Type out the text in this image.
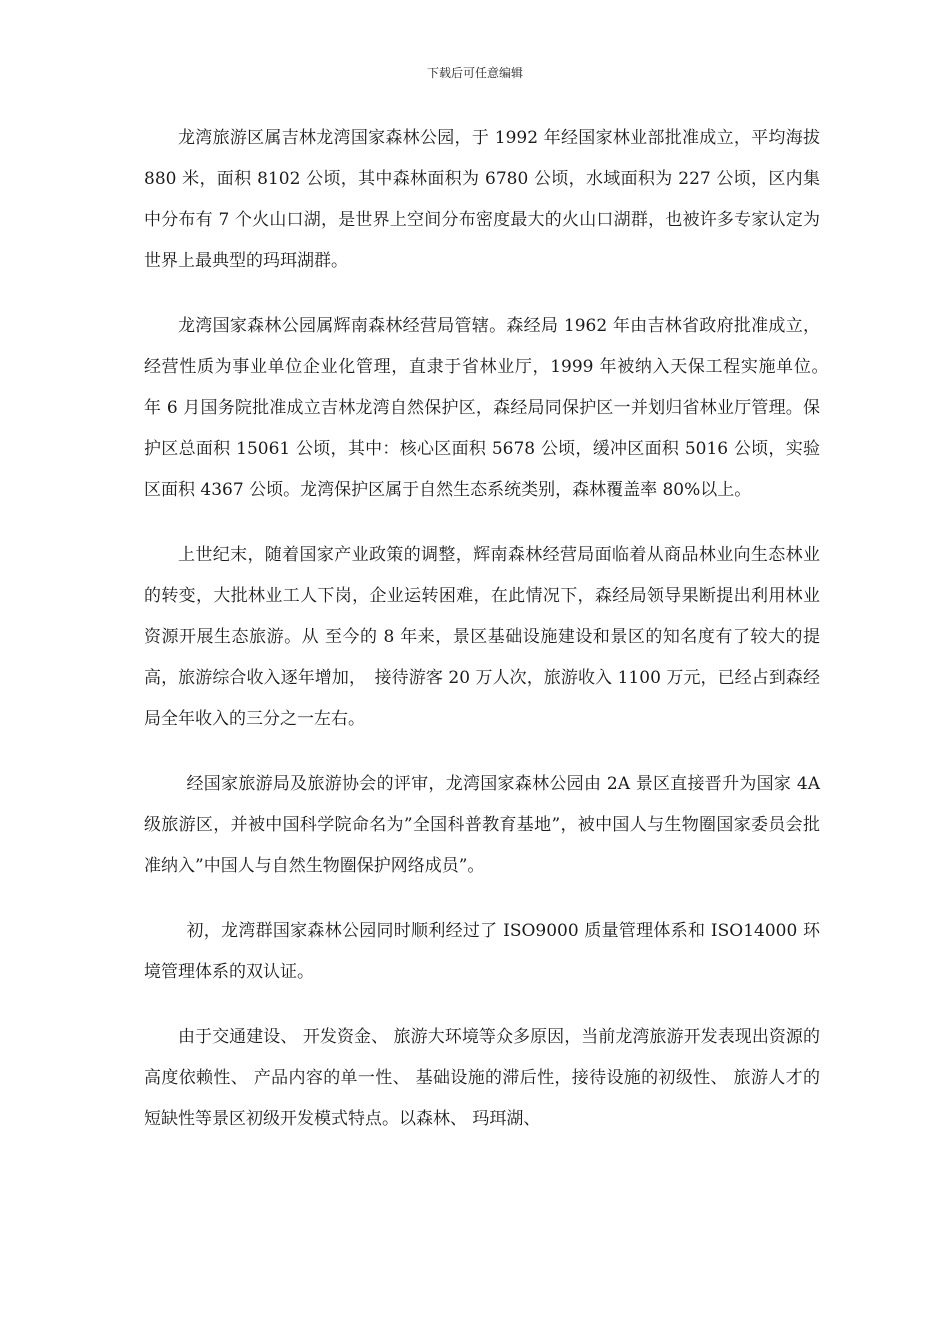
下载后可任意编辑

龙湾旅游区属吉林龙湾国家森林公园，于 1992 年经国家林业部批准成立，平均海拔 880 米，面积 8102 公顷，其中森林面积为 6780 公顷，水域面积为 227 公顷，区内集中分布有 7 个火山口湖，是世界上空间分布密度最大的火山口湖群，也被许多专家认定为世界上最典型的玛珥湖群。

龙湾国家森林公园属辉南森林经营局管辖。森经局 1962 年由吉林省政府批准成立，经营性质为事业单位企业化管理，直隶于省林业厅，1999 年被纳入天保工程实施单位。　年 6 月国务院批准成立吉林龙湾自然保护区，森经局同保护区一并划归省林业厅管理。保护区总面积 15061 公顷，其中：核心区面积 5678 公顷，缓冲区面积 5016 公顷，实验区面积 4367 公顷。龙湾保护区属于自然生态系统类别，森林覆盖率 80%以上。

上世纪末，随着国家产业政策的调整，辉南森林经营局面临着从商品林业向生态林业的转变，大批林业工人下岗，企业运转困难，在此情况下，森经局领导果断提出利用林业资源开展生态旅游。从 至今的 8 年来，景区基础设施建设和景区的知名度有了较大的提高，旅游综合收入逐年增加，　接待游客 20 万人次，旅游收入 1100 万元，已经占到森经局全年收入的三分之一左右。

经国家旅游局及旅游协会的评审，龙湾国家森林公园由 2A 景区直接晋升为国家 4A 级旅游区，并被中国科学院命名为”全国科普教育基地”，被中国人与生物圈国家委员会批准纳入”中国人与自然生物圈保护网络成员”。

初，龙湾群国家森林公园同时顺利经过了 ISO9000 质量管理体系和 ISO14000 环境管理体系的双认证。

由于交通建设、 开发资金、 旅游大环境等众多原因，当前龙湾旅游开发表现出资源的高度依赖性、 产品内容的单一性、 基础设施的滞后性，接待设施的初级性、 旅游人才的短缺性等景区初级开发模式特点。以森林、 玛珥湖、
